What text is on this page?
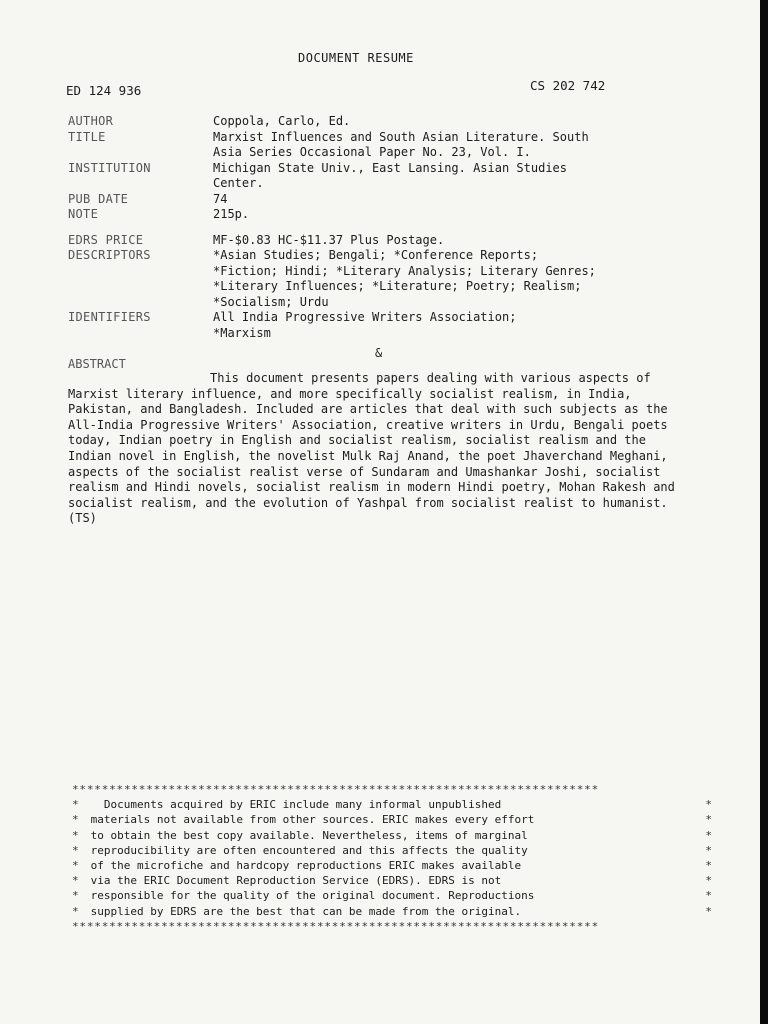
DOCUMENT RESUME
ED 124 936	CS 202 742
AUTHOR	Coppola, Carlo, Ed.
TITLE	Marxist Influences and South Asian Literature. South
Asia Series Occasional Paper No. 23, Vol. I.
INSTITUTION	Michigan State Univ., East Lansing. Asian Studies
Center.
PUB DATE	74
NOTE	215p.
EDRS PRICE	MF-$0.83 HC-$11.37 Plus Postage.
DESCRIPTORS	*Asian Studies; Bengali; *Conference Reports;
*Fiction; Hindi; *Literary Analysis; Literary Genres;
*Literary Influences; *Literature; Poetry; Realism;
*Socialism; Urdu
IDENTIFIERS	All India Progressive Writers Association;
*Marxism
&
ABSTRACT
This document presents papers dealing with various aspects of Marxist literary influence, and more specifically socialist realism, in India, Pakistan, and Bangladesh. Included are articles that deal with such subjects as the All-India Progressive Writers' Association, creative writers in Urdu, Bengali poets today, Indian poetry in English and socialist realism, socialist realism and the Indian novel in English, the novelist Mulk Raj Anand, the poet Jhaverchand Meghani, aspects of the socialist realist verse of Sundaram and Umashankar Joshi, socialist realism and Hindi novels, socialist realism in modern Hindi poetry, Mohan Rakesh and socialist realism, and the evolution of Yashpal from socialist realist to humanist. (TS)
***********************************************************************
* Documents acquired by ERIC include many informal unpublished	*
* materials not available from other sources. ERIC makes every effort	*
* to obtain the best copy available. Nevertheless, items of marginal	*
* reproducibility are often encountered and this affects the quality	*
* of the microfiche and hardcopy reproductions ERIC makes available	*
* via the ERIC Document Reproduction Service (EDRS). EDRS is not	*
* responsible for the quality of the original document. Reproductions	*
* supplied by EDRS are the best that can be made from the original.	*
***********************************************************************
